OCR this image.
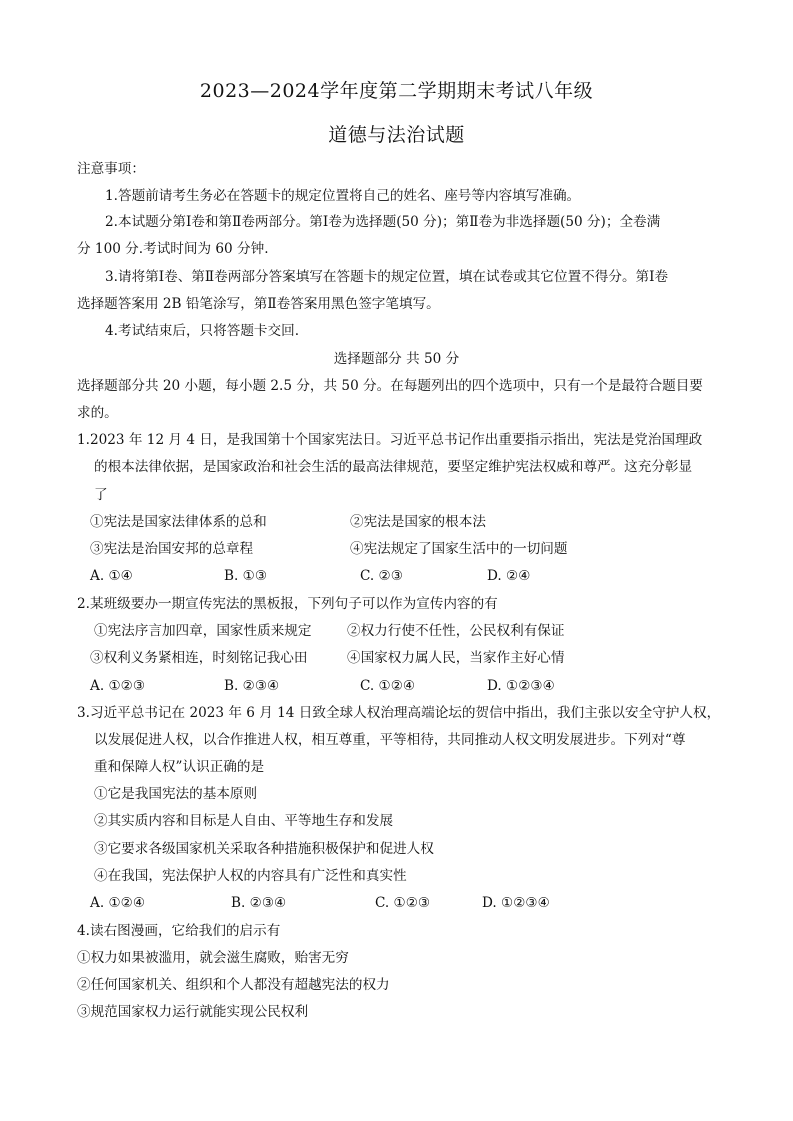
2023—2024学年度第二学期期末考试八年级
道德与法治试题
注意事项：
1.答题前请考生务必在答题卡的规定位置将自己的姓名、座号等内容填写准确。
2.本试题分第Ⅰ卷和第Ⅱ卷两部分。第Ⅰ卷为选择题(50 分)；第Ⅱ卷为非选择题(50 分)；全卷满
分 100 分.考试时间为 60 分钟.
3.请将第Ⅰ卷、第Ⅱ卷两部分答案填写在答题卡的规定位置，填在试卷或其它位置不得分。第Ⅰ卷
选择题答案用 2B 铅笔涂写，第Ⅱ卷答案用黑色签字笔填写。
4.考试结束后，只将答题卡交回.
选择题部分 共 50 分
选择题部分共 20 小题，每小题 2.5 分，共 50 分。在每题列出的四个选项中，只有一个是最符合题目要
求的。
1.2023 年 12 月 4 日，是我国第十个国家宪法日。习近平总书记作出重要指示指出，宪法是党治国理政
的根本法律依据，是国家政治和社会生活的最高法律规范，要坚定维护宪法权威和尊严。这充分彰显
了
①宪法是国家法律体系的总和	②宪法是国家的根本法
③宪法是治国安邦的总章程	④宪法规定了国家生活中的一切问题
A. ①④	B. ①③	C. ②③	D. ②④
2.某班级要办一期宣传宪法的黑板报，下列句子可以作为宣传内容的有
①宪法序言加四章，国家性质来规定	②权力行使不任性，公民权利有保证
③权利义务紧相连，时刻铭记我心田	④国家权力属人民，当家作主好心情
A. ①②③	B. ②③④	C. ①②④	D. ①②③④
3.习近平总书记在 2023 年 6 月 14 日致全球人权治理高端论坛的贺信中指出，我们主张以安全守护人权，
以发展促进人权，以合作推进人权，相互尊重，平等相待，共同推动人权文明发展进步。下列对“尊
重和保障人权”认识正确的是
①它是我国宪法的基本原则
②其实质内容和目标是人自由、平等地生存和发展
③它要求各级国家机关采取各种措施积极保护和促进人权
④在我国，宪法保护人权的内容具有广泛性和真实性
A. ①②④	B. ②③④	C. ①②③	D. ①②③④
4.读右图漫画，它给我们的启示有
①权力如果被滥用，就会滋生腐败，贻害无穷
②任何国家机关、组织和个人都没有超越宪法的权力
③规范国家权力运行就能实现公民权利
